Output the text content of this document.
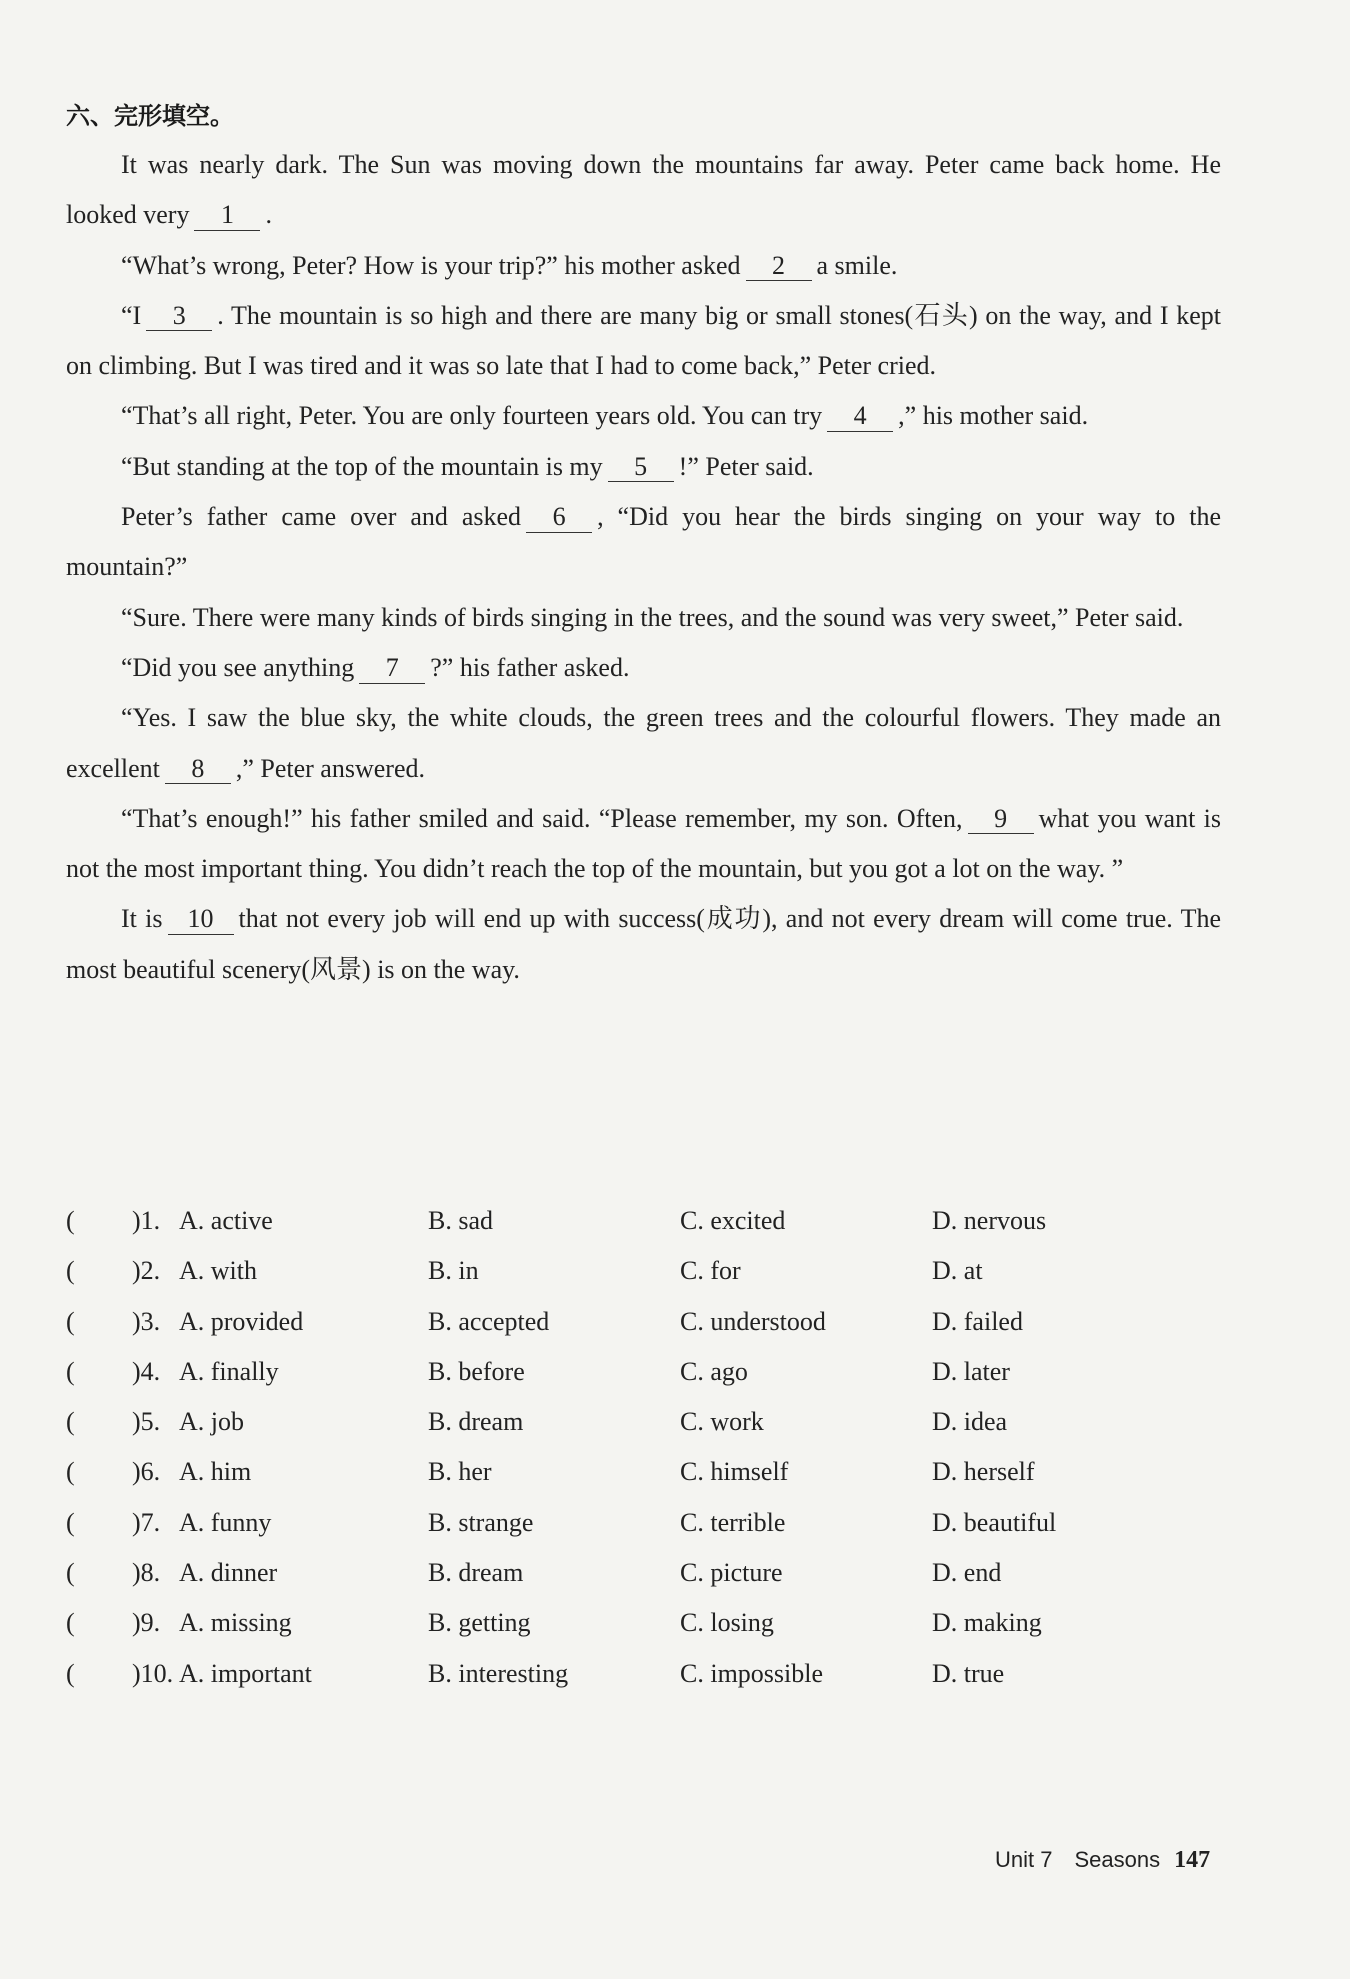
六、完形填空。

It was nearly dark. The Sun was moving down the mountains far away. Peter came back home. He looked very 1 .

“What’s wrong, Peter? How is your trip?” his mother asked 2 a smile.

“I 3 . The mountain is so high and there are many big or small stones(石头) on the way, and I kept on climbing. But I was tired and it was so late that I had to come back,” Peter cried.

“That’s all right, Peter. You are only fourteen years old. You can try 4 ,” his mother said.

“But standing at the top of the mountain is my 5 !” Peter said.

Peter’s father came over and asked 6 , “Did you hear the birds singing on your way to the mountain?”

“Sure. There were many kinds of birds singing in the trees, and the sound was very sweet,” Peter said.

“Did you see anything 7 ?” his father asked.

“Yes. I saw the blue sky, the white clouds, the green trees and the colourful flowers. They made an excellent 8 ,” Peter answered.

“That’s enough!” his father smiled and said. “Please remember, my son. Often, 9 what you want is not the most important thing. You didn’t reach the top of the mountain, but you got a lot on the way. ”

It is 10 that not every job will end up with success(成功), and not every dream will come true. The most beautiful scenery(风景) is on the way.

( )1. A. active	B. sad	C. excited	D. nervous
( )2. A. with	B. in	C. for	D. at
( )3. A. provided	B. accepted	C. understood	D. failed
( )4. A. finally	B. before	C. ago	D. later
( )5. A. job	B. dream	C. work	D. idea
( )6. A. him	B. her	C. himself	D. herself
( )7. A. funny	B. strange	C. terrible	D. beautiful
( )8. A. dinner	B. dream	C. picture	D. end
( )9. A. missing	B. getting	C. losing	D. making
( )10. A. important	B. interesting	C. impossible	D. true
Unit 7 Seasons 147
